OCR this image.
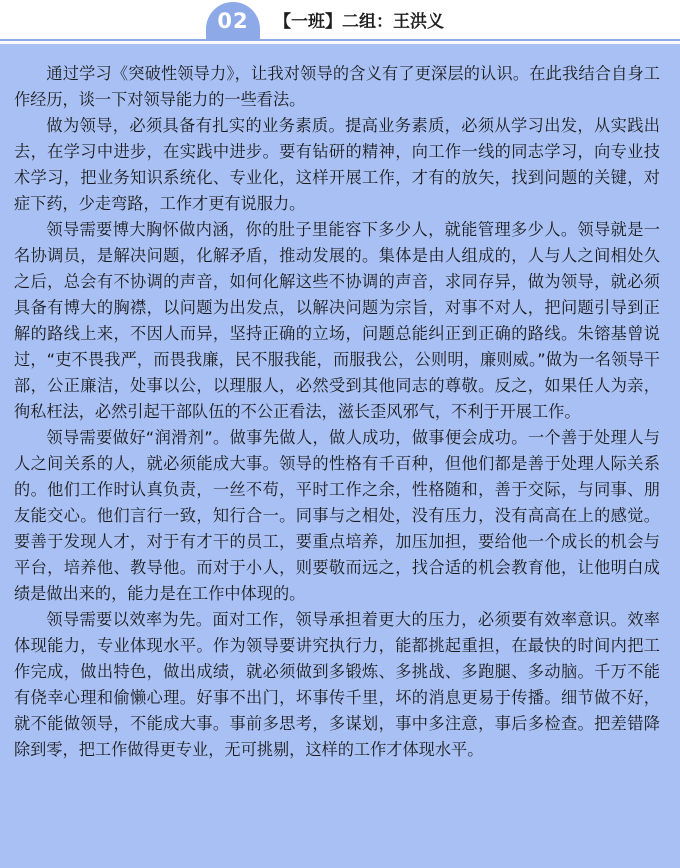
02	【一班】二组：王洪义

通过学习《突破性领导力》，让我对领导的含义有了更深层的认识。在此我结合自身工作经历，谈一下对领导能力的一些看法。

做为领导，必须具备有扎实的业务素质。提高业务素质，必须从学习出发，从实践出去，在学习中进步，在实践中进步。要有钻研的精神，向工作一线的同志学习，向专业技术学习，把业务知识系统化、专业化，这样开展工作，才有的放矢，找到问题的关键，对症下药，少走弯路，工作才更有说服力。

领导需要博大胸怀做内涵，你的肚子里能容下多少人，就能管理多少人。领导就是一名协调员，是解决问题，化解矛盾，推动发展的。集体是由人组成的，人与人之间相处久之后，总会有不协调的声音，如何化解这些不协调的声音，求同存异，做为领导，就必须具备有博大的胸襟，以问题为出发点，以解决问题为宗旨，对事不对人，把问题引导到正解的路线上来，不因人而异，坚持正确的立场，问题总能纠正到正确的路线。朱镕基曾说过，“吏不畏我严，而畏我廉，民不服我能，而服我公，公则明，廉则威。”做为一名领导干部，公正廉洁，处事以公，以理服人，必然受到其他同志的尊敬。反之，如果任人为亲，徇私枉法，必然引起干部队伍的不公正看法，滋长歪风邪气，不利于开展工作。

领导需要做好“润滑剂”。做事先做人，做人成功，做事便会成功。一个善于处理人与人之间关系的人，就必须能成大事。领导的性格有千百种，但他们都是善于处理人际关系的。他们工作时认真负责，一丝不苟，平时工作之余，性格随和，善于交际，与同事、朋友能交心。他们言行一致，知行合一。同事与之相处，没有压力，没有高高在上的感觉。要善于发现人才，对于有才干的员工，要重点培养，加压加担，要给他一个成长的机会与平台，培养他、教导他。而对于小人，则要敬而远之，找合适的机会教育他，让他明白成绩是做出来的，能力是在工作中体现的。

领导需要以效率为先。面对工作，领导承担着更大的压力，必须要有效率意识。效率体现能力，专业体现水平。作为领导要讲究执行力，能都挑起重担，在最快的时间内把工作完成，做出特色，做出成绩，就必须做到多锻炼、多挑战、多跑腿、多动脑。千万不能有侥幸心理和偷懒心理。好事不出门，坏事传千里，坏的消息更易于传播。细节做不好，就不能做领导，不能成大事。事前多思考，多谋划，事中多注意，事后多检查。把差错降除到零，把工作做得更专业，无可挑剔，这样的工作才体现水平。
